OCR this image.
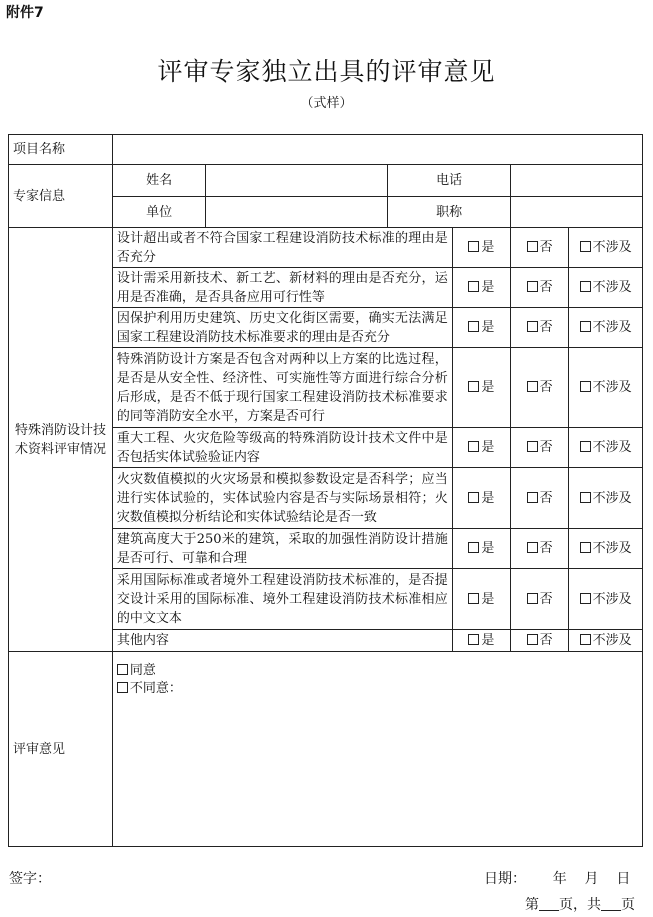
附件7
评审专家独立出具的评审意见
（式样）
项目名称						
专家信息	姓名		电话			
	单位		职称			
特殊消防设计技术资料评审情况	设计超出或者不符合国家工程建设消防技术标准的理由是否充分			是	否	不涉及
	设计需采用新技术、新工艺、新材料的理由是否充分，运用是否准确，是否具备应用可行性等			是	否	不涉及
	因保护利用历史建筑、历史文化街区需要，确实无法满足国家工程建设消防技术标准要求的理由是否充分			是	否	不涉及
	特殊消防设计方案是否包含对两种以上方案的比选过程，是否是从安全性、经济性、可实施性等方面进行综合分析后形成，是否不低于现行国家工程建设消防技术标准要求的同等消防安全水平，方案是否可行			是	否	不涉及
	重大工程、火灾危险等级高的特殊消防设计技术文件中是否包括实体试验验证内容			是	否	不涉及
	火灾数值模拟的火灾场景和模拟参数设定是否科学；应当进行实体试验的，实体试验内容是否与实际场景相符；火灾数值模拟分析结论和实体试验结论是否一致			是	否	不涉及
	建筑高度大于250米的建筑，采取的加强性消防设计措施是否可行、可靠和合理			是	否	不涉及
	采用国际标准或者境外工程建设消防技术标准的，是否提交设计采用的国际标准、境外工程建设消防技术标准相应的中文文本			是	否	不涉及
	其他内容			是	否	不涉及
评审意见	同意
不同意：					
签字：	日期： 年 月 日
第 页，共 页
